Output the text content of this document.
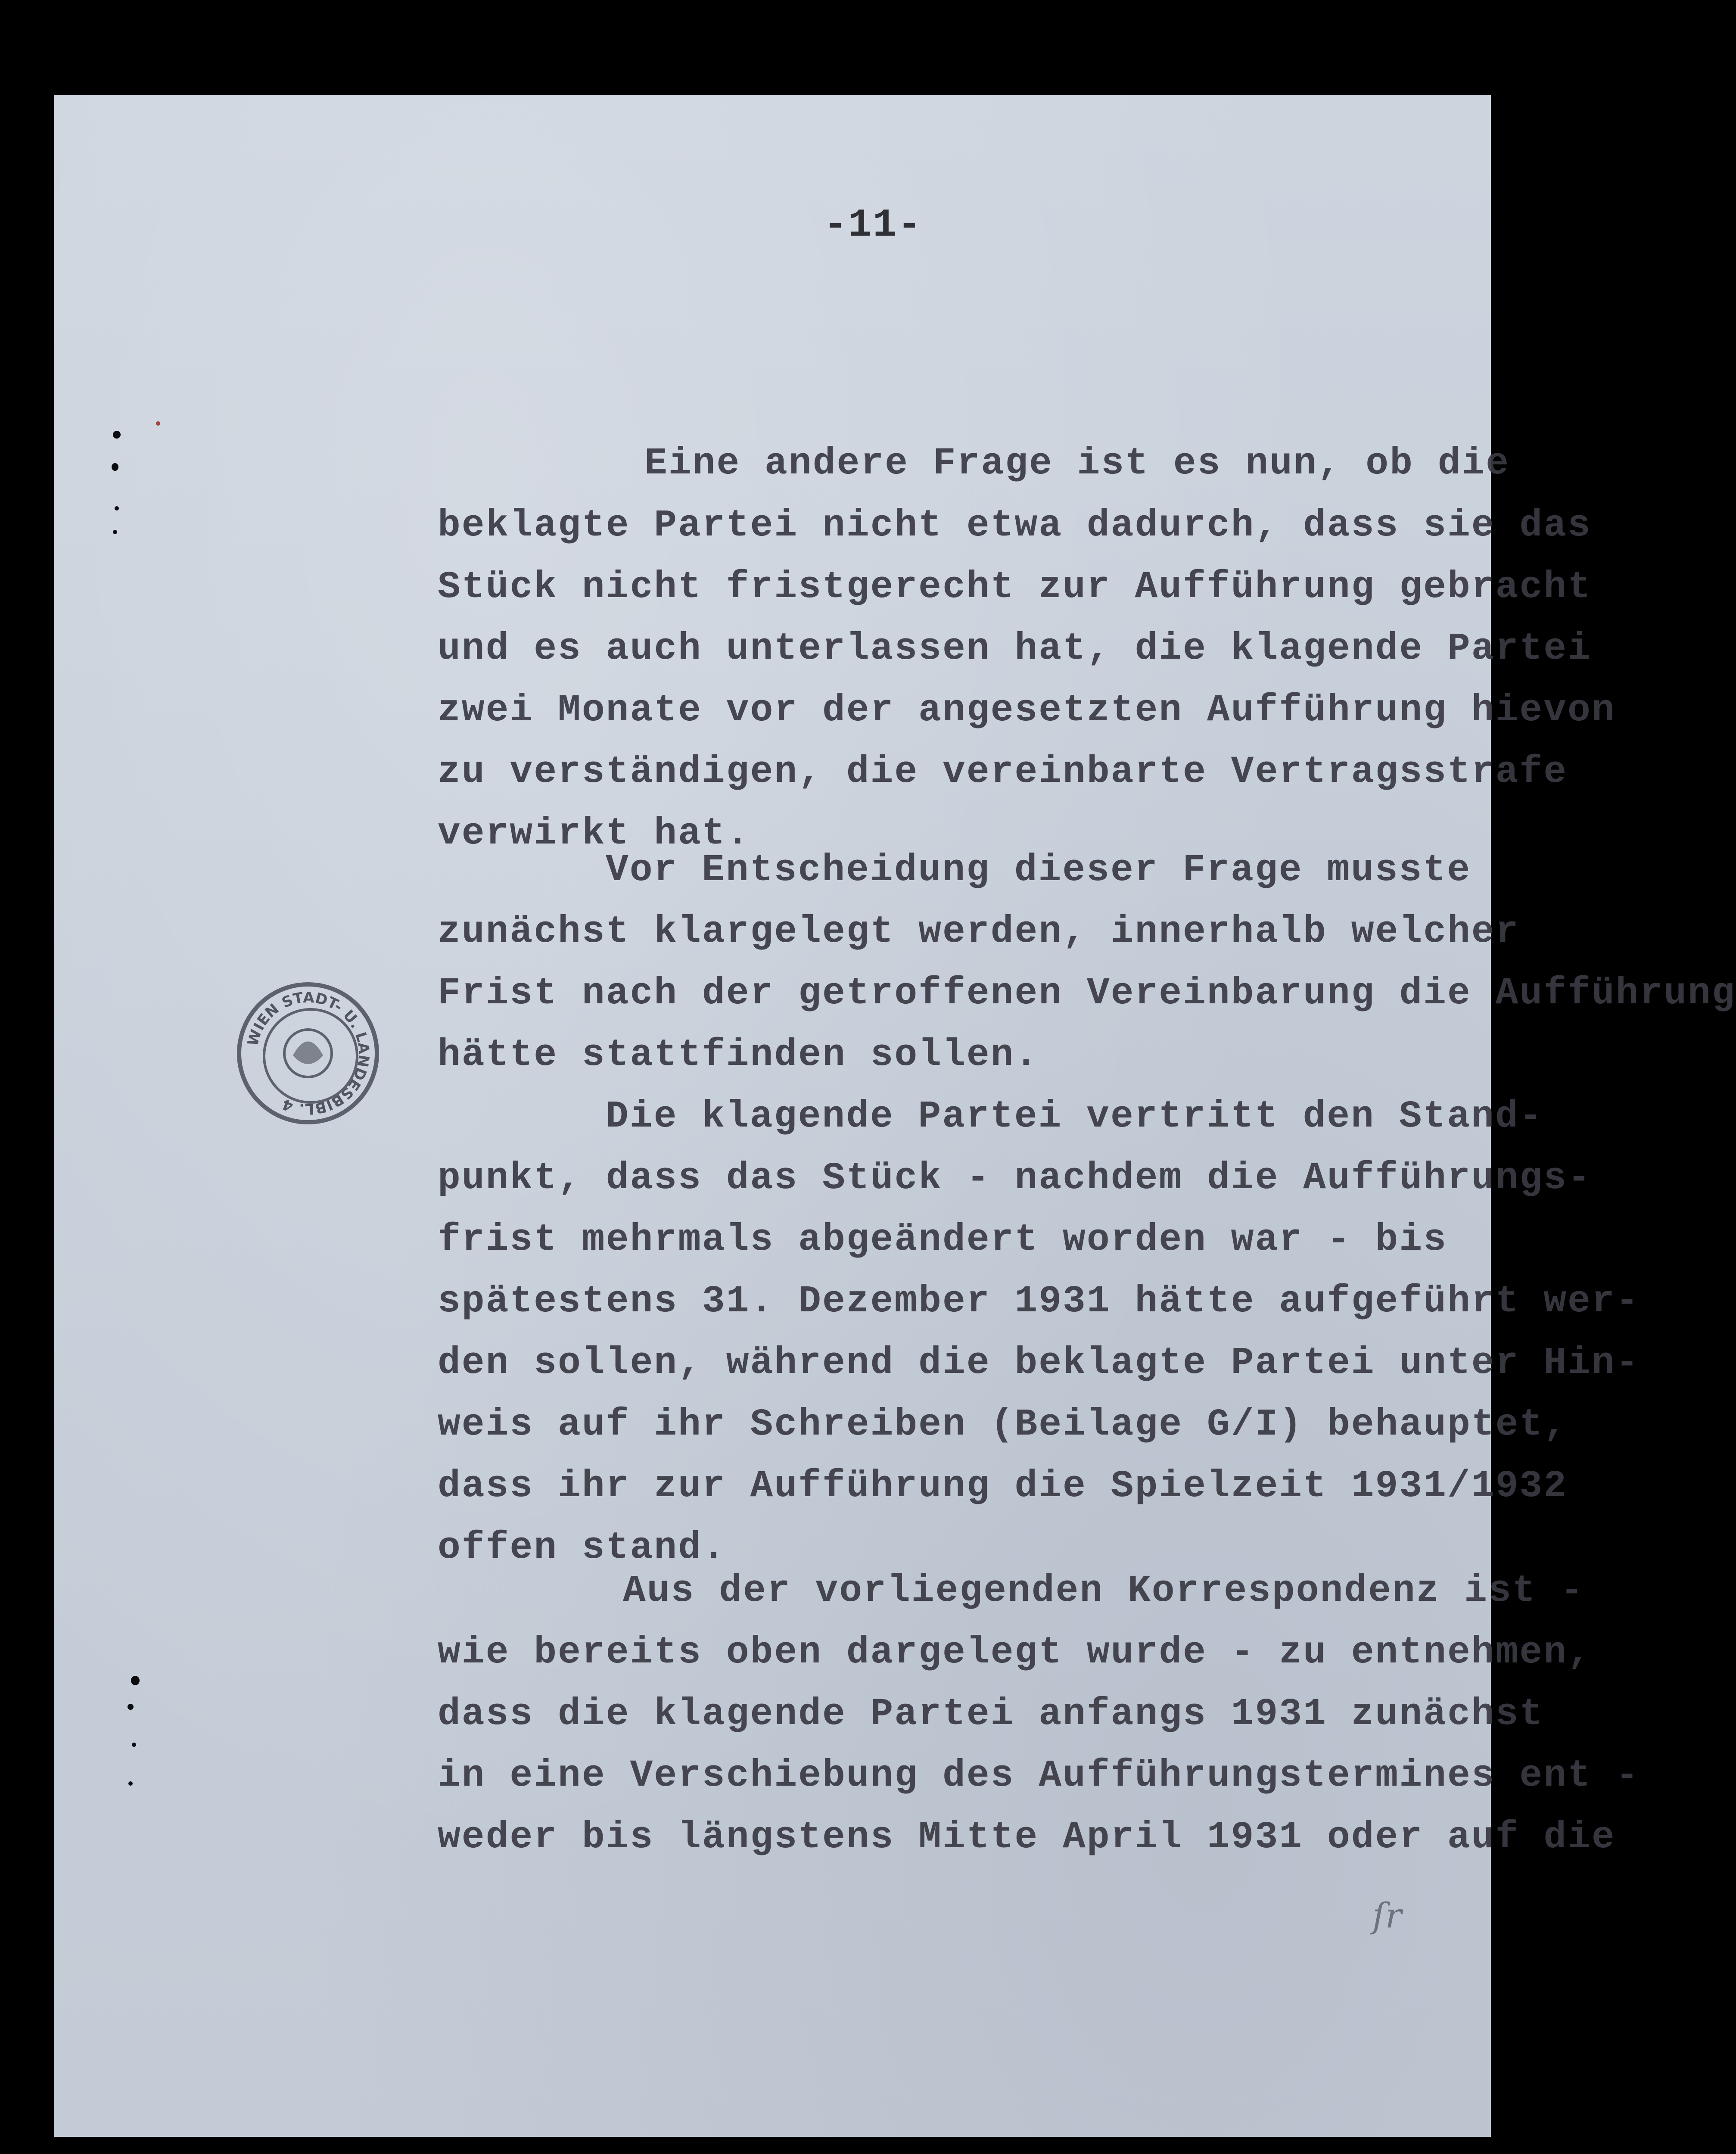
-11-
Eine andere Frage ist es nun, ob die
beklagte Partei nicht etwa dadurch, dass sie das
Stück nicht fristgerecht zur Aufführung gebracht
und es auch unterlassen hat, die klagende Partei
zwei Monate vor der angesetzten Aufführung hievon
zu verständigen, die vereinbarte Vertragsstrafe
verwirkt hat.
Vor Entscheidung dieser Frage musste
zunächst klargelegt werden, innerhalb welcher
Frist nach der getroffenen Vereinbarung die Aufführung
hätte stattfinden sollen.
Die klagende Partei vertritt den Stand-
punkt, dass das Stück - nachdem die Aufführungs-
frist mehrmals abgeändert worden war - bis
spätestens 31. Dezember 1931 hätte aufgeführt wer-
den sollen, während die beklagte Partei unter Hin-
weis auf ihr Schreiben (Beilage G/I) behauptet,
dass ihr zur Aufführung die Spielzeit 1931/1932
offen stand.
Aus der vorliegenden Korrespondenz ist -
wie bereits oben dargelegt wurde - zu entnehmen,
dass die klagende Partei anfangs 1931 zunächst
in eine Verschiebung des Aufführungstermines ent -
weder bis längstens Mitte April 1931 oder auf die
ſr
WIEN STADT- U. LANDESBIBL. 4
